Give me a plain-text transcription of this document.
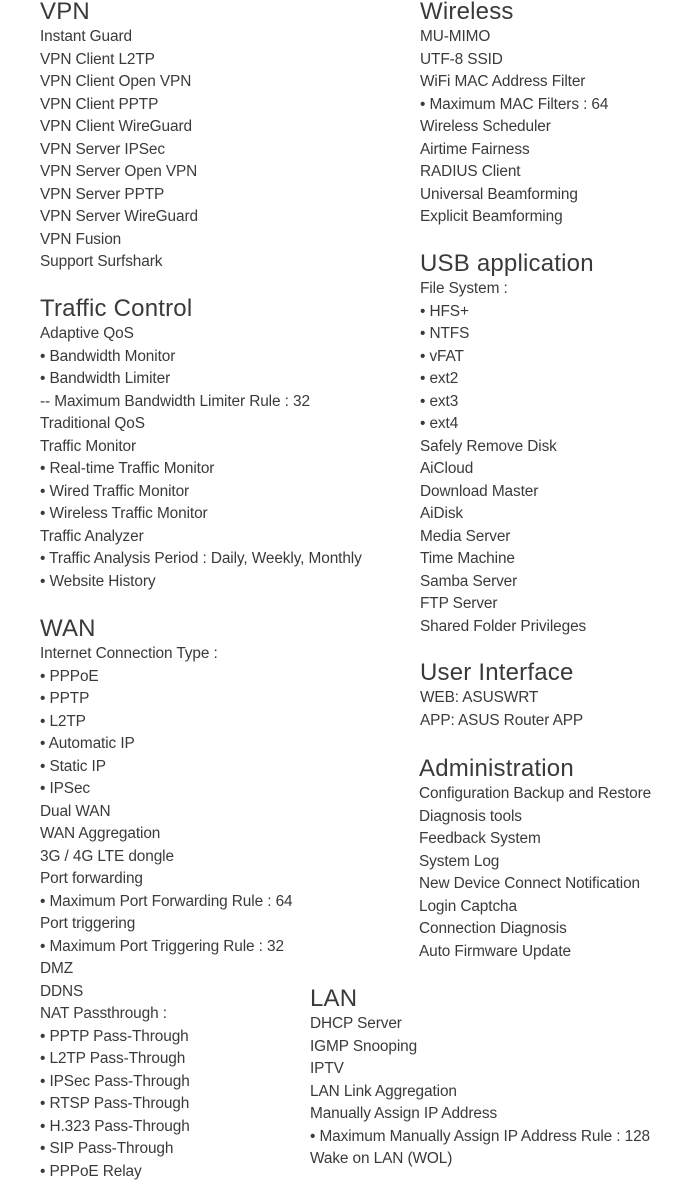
VPN
Instant Guard
VPN Client L2TP
VPN Client Open VPN
VPN Client PPTP
VPN Client WireGuard
VPN Server IPSec
VPN Server Open VPN
VPN Server PPTP
VPN Server WireGuard
VPN Fusion
Support Surfshark
Traffic Control
Adaptive QoS
• Bandwidth Monitor
• Bandwidth Limiter
-- Maximum Bandwidth Limiter Rule : 32
Traditional QoS
Traffic Monitor
• Real-time Traffic Monitor
• Wired Traffic Monitor
• Wireless Traffic Monitor
Traffic Analyzer
• Traffic Analysis Period : Daily, Weekly, Monthly
• Website History
WAN
Internet Connection Type :
• PPPoE
• PPTP
• L2TP
• Automatic IP
• Static IP
• IPSec
Dual WAN
WAN Aggregation
3G / 4G LTE dongle
Port forwarding
• Maximum Port Forwarding Rule : 64
Port triggering
• Maximum Port Triggering Rule : 32
DMZ
DDNS
NAT Passthrough :
• PPTP Pass-Through
• L2TP Pass-Through
• IPSec Pass-Through
• RTSP Pass-Through
• H.323 Pass-Through
• SIP Pass-Through
• PPPoE Relay
Wireless
MU-MIMO
UTF-8 SSID
WiFi MAC Address Filter
• Maximum MAC Filters : 64
Wireless Scheduler
Airtime Fairness
RADIUS Client
Universal Beamforming
Explicit Beamforming
USB application
File System :
• HFS+
• NTFS
• vFAT
• ext2
• ext3
• ext4
Safely Remove Disk
AiCloud
Download Master
AiDisk
Media Server
Time Machine
Samba Server
FTP Server
Shared Folder Privileges
User Interface
WEB: ASUSWRT
APP: ASUS Router APP
Administration
Configuration Backup and Restore
Diagnosis tools
Feedback System
System Log
New Device Connect Notification
Login Captcha
Connection Diagnosis
Auto Firmware Update
LAN
DHCP Server
IGMP Snooping
IPTV
LAN Link Aggregation
Manually Assign IP Address
• Maximum Manually Assign IP Address Rule : 128
Wake on LAN (WOL)
